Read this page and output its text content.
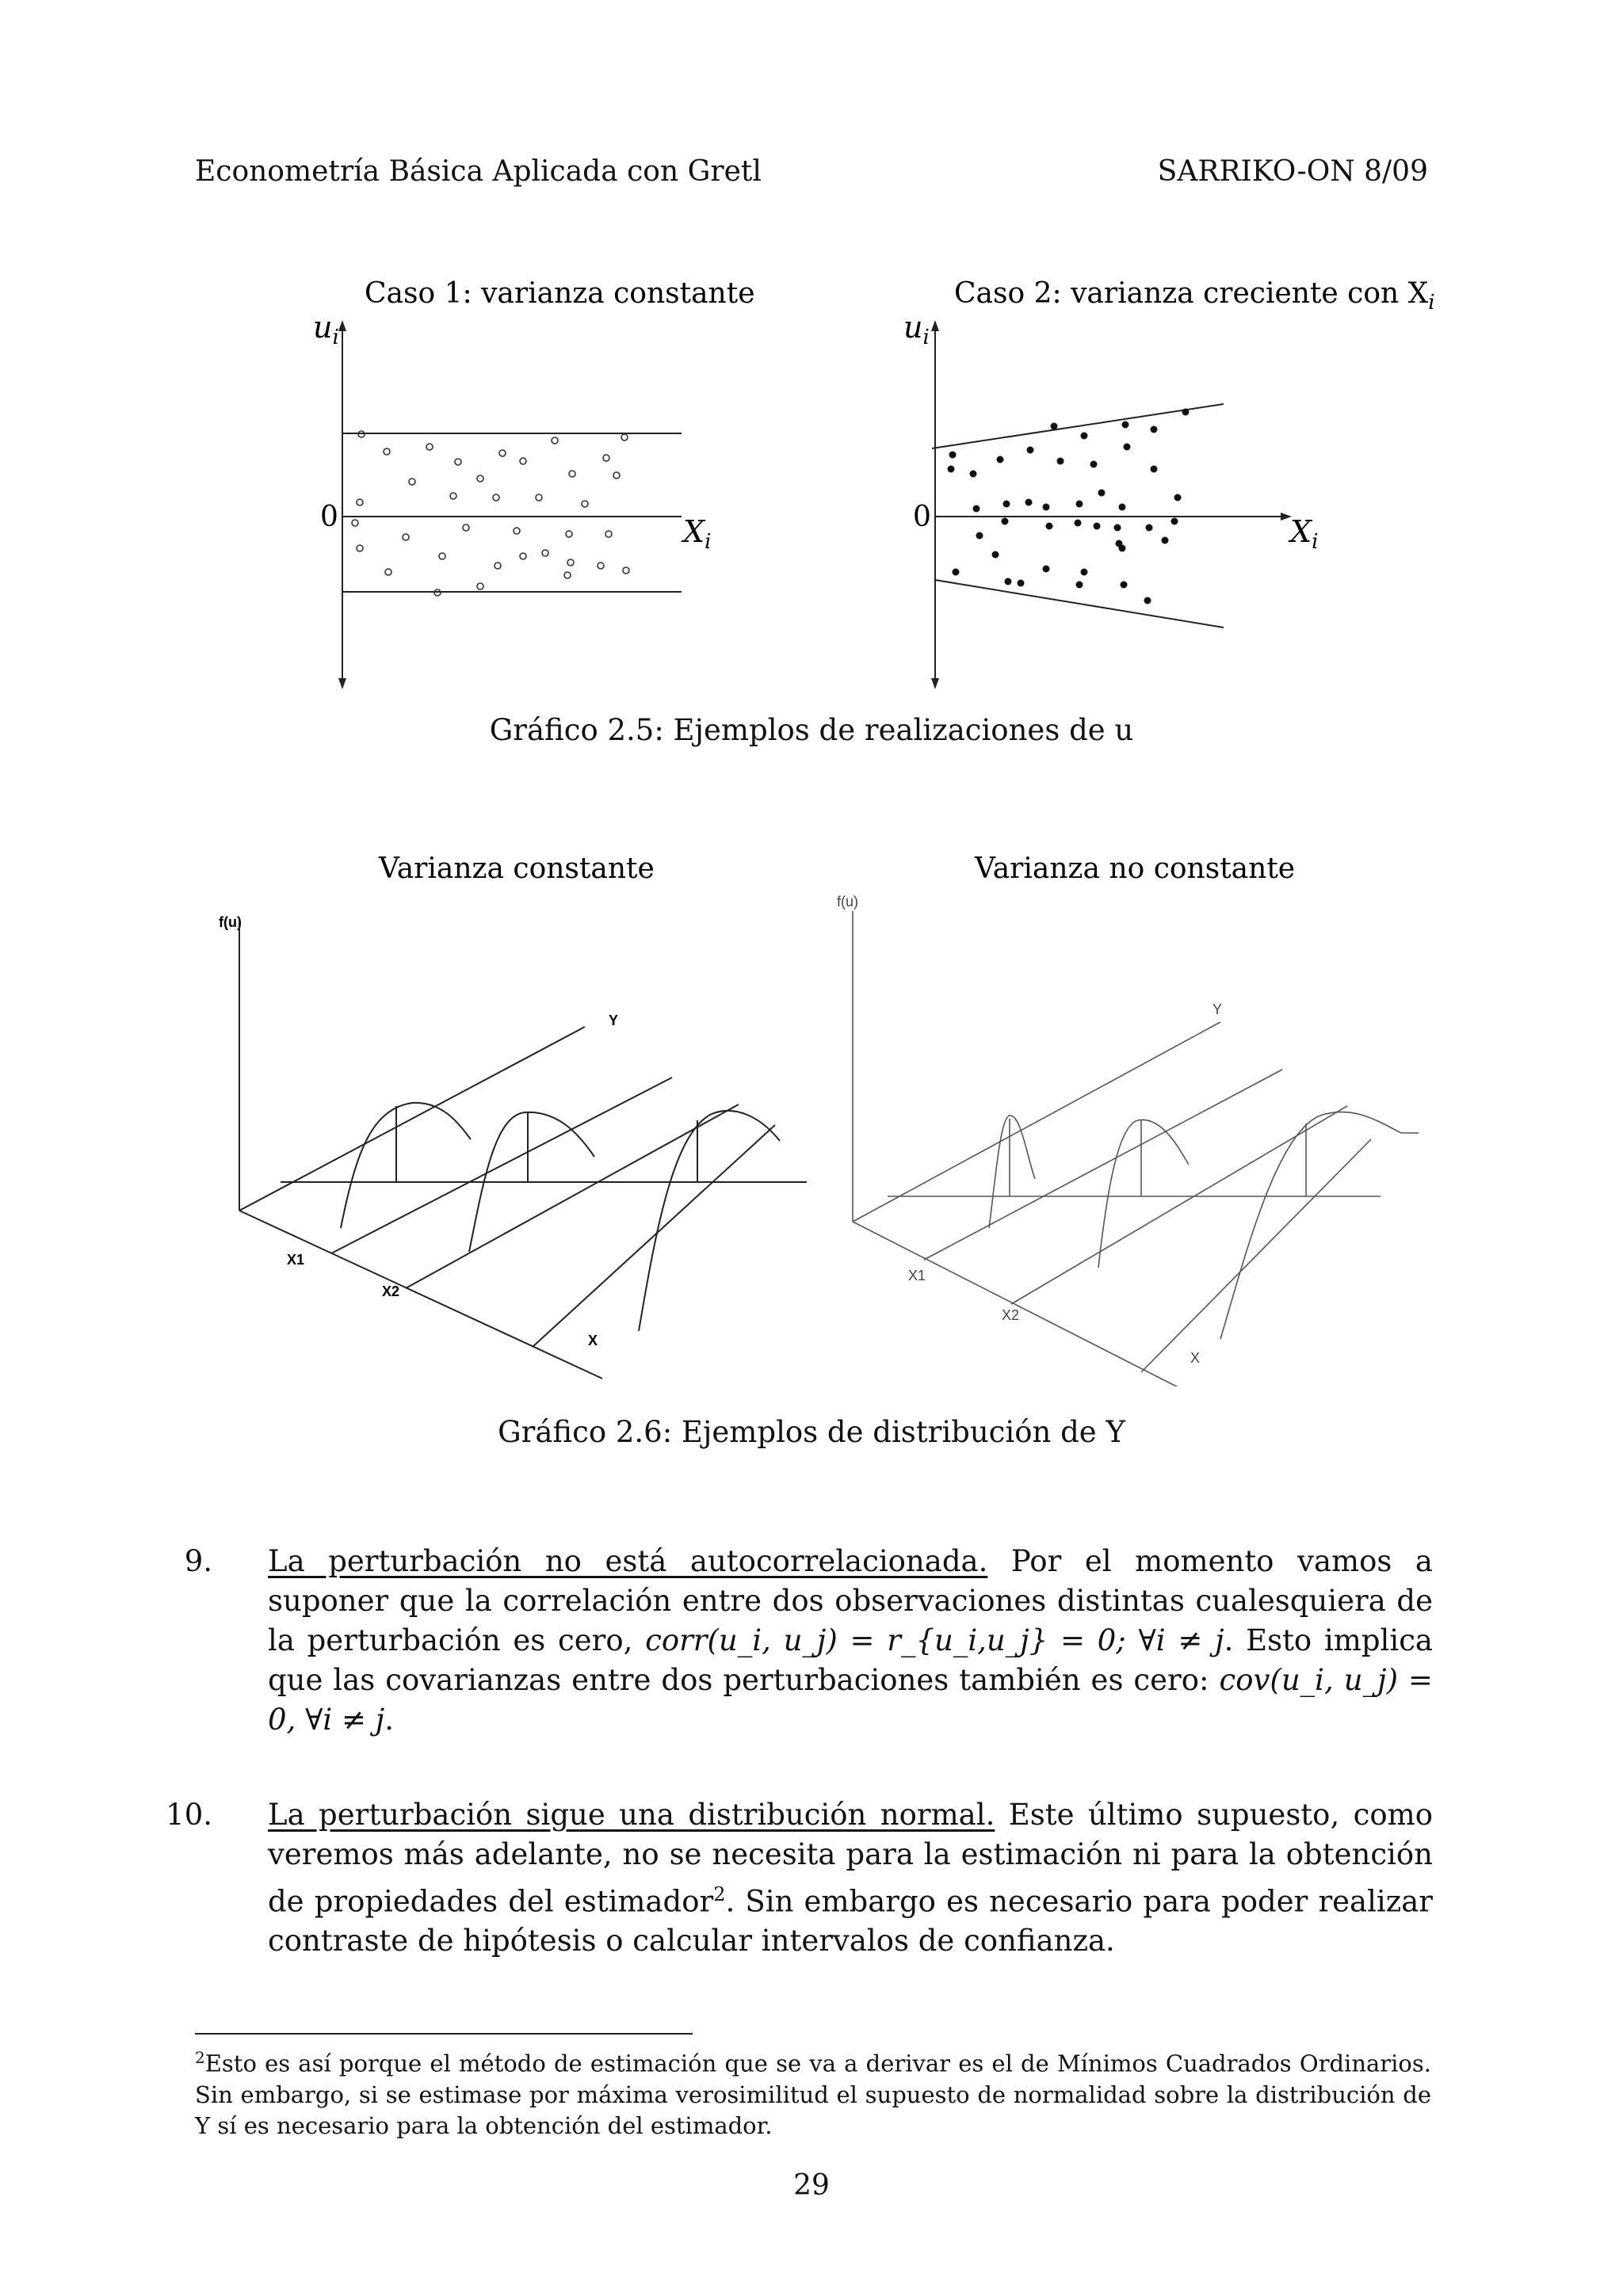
Econometría Básica Aplicada con Gretl	SARRIKO-ON 8/09
Caso 1: varianza constante
$u_i$
0	$X_i$
Caso 2: varianza creciente con $X_i$
$u_i$
0	$X_i$
Gráfico 2.5: Ejemplos de realizaciones de u
Varianza constante
f(u)
Y
X1
X2
X
Varianza no constante
f(u)
Y
X1
X2
X
Gráfico 2.6: Ejemplos de distribución de Y
9.	La perturbación no está autocorrelacionada. Por el momento vamos a suponer que la correlación entre dos observaciones distintas cualesquiera de la perturbación es cero, corr(u_i, u_j) = r_{u_i,u_j} = 0; ∀i ≠ j. Esto implica que las covarianzas entre dos perturbaciones también es cero: cov(u_i, u_j) = 0, ∀i ≠ j.
10.	La perturbación sigue una distribución normal. Este último supuesto, como veremos más adelante, no se necesita para la estimación ni para la obtención de propiedades del estimador$^2$. Sin embargo es necesario para poder realizar contraste de hipótesis o calcular intervalos de confianza.
$^2$Esto es así porque el método de estimación que se va a derivar es el de Mínimos Cuadrados Ordinarios. Sin embargo, si se estimase por máxima verosimilitud el supuesto de normalidad sobre la distribución de Y sí es necesario para la obtención del estimador.
29
